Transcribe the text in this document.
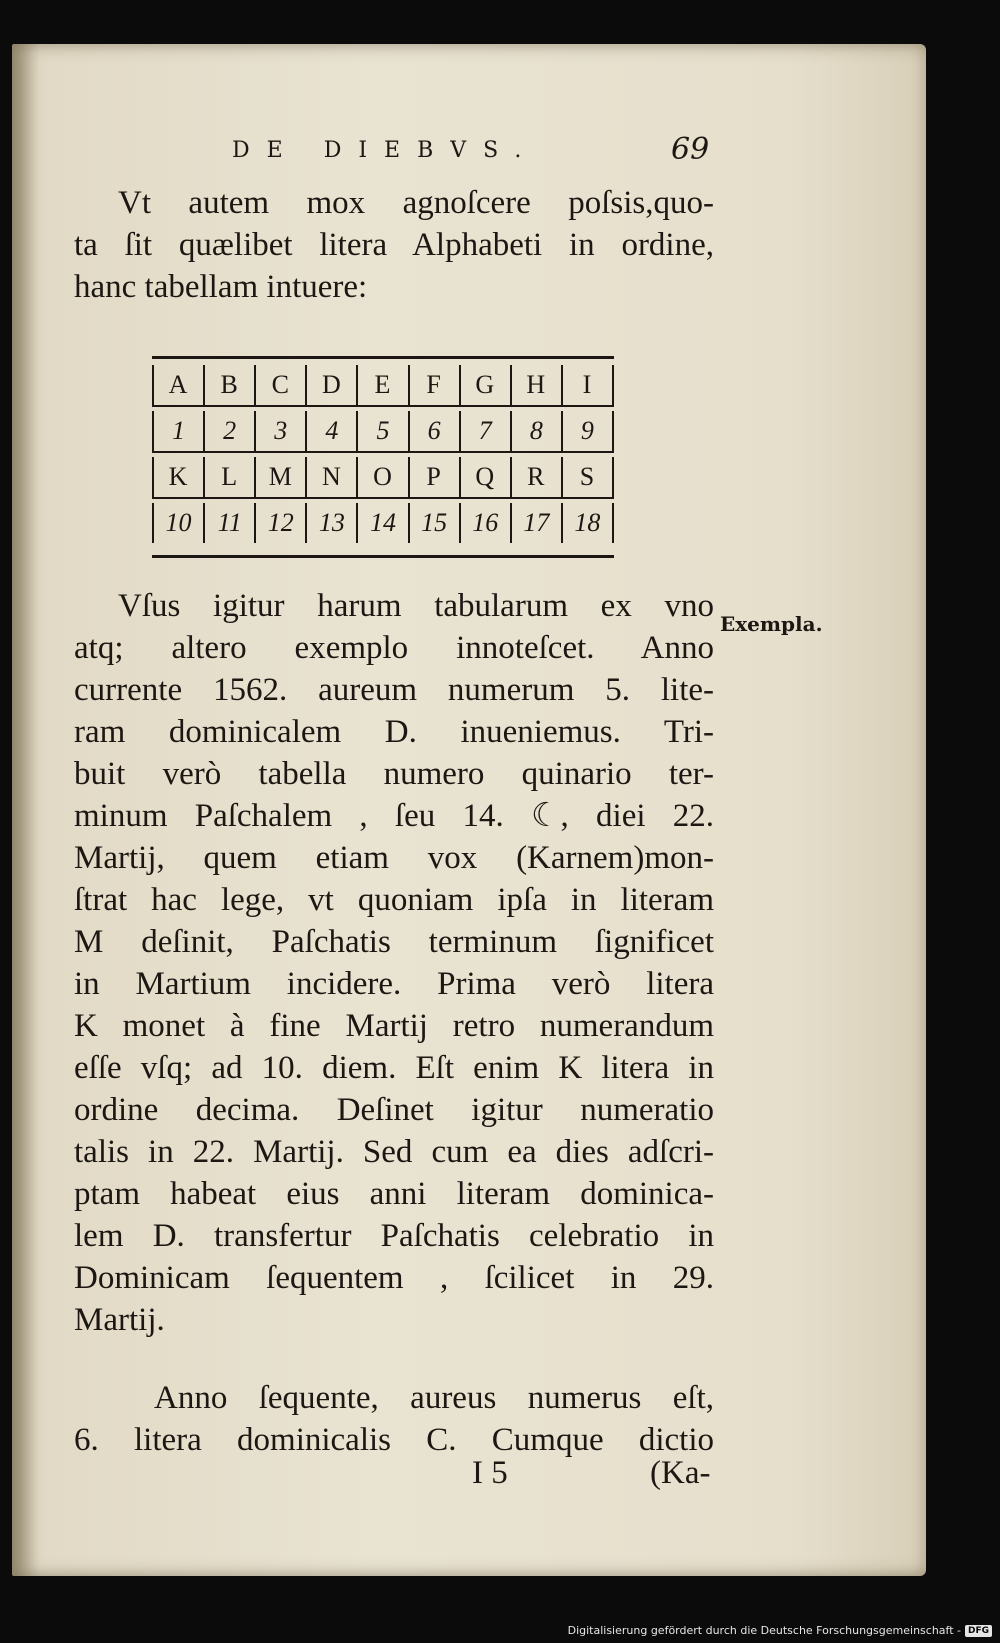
DE DIEBVS.	69
Vt autem mox agnoſcere poſsis,quo-
ta ſit quælibet litera Alphabeti in ordine,
hanc tabellam intuere:
A	B	C	D	E	F	G	H	I
1	2	3	4	5	6	7	8	9
K	L	M	N	O	P	Q	R	S
10	11	12 13 14 15 16 17 18
Exempla.
Vſus igitur harum tabularum ex vno
atq; altero exemplo innoteſcet. Anno
currente 1562. aureum numerum 5. lite-
ram dominicalem D. inueniemus. Tri-
buit verò tabella numero quinario ter-
minum Paſchalem , ſeu 14. ☾, diei 22.
Martij, quem etiam vox (Karnem)mon-
ſtrat hac lege, vt quoniam ipſa in literam
M deſinit, Paſchatis terminum ſignificet
in Martium incidere. Prima verò litera
K monet à fine Martij retro numerandum
eſſe vſq; ad 10. diem. Eſt enim K litera in
ordine decima. Deſinet igitur numeratio
talis in 22. Martij. Sed cum ea dies adſcri-
ptam habeat eius anni literam dominica-
lem D. transfertur Paſchatis celebratio in
Dominicam ſequentem , ſcilicet in 29.
Martij.
Anno ſequente, aureus numerus eſt,
6. litera dominicalis C. Cumque dictio
I 5	(Ka-
Digitalisierung gefördert durch die Deutsche Forschungsgemeinschaft - DFG
